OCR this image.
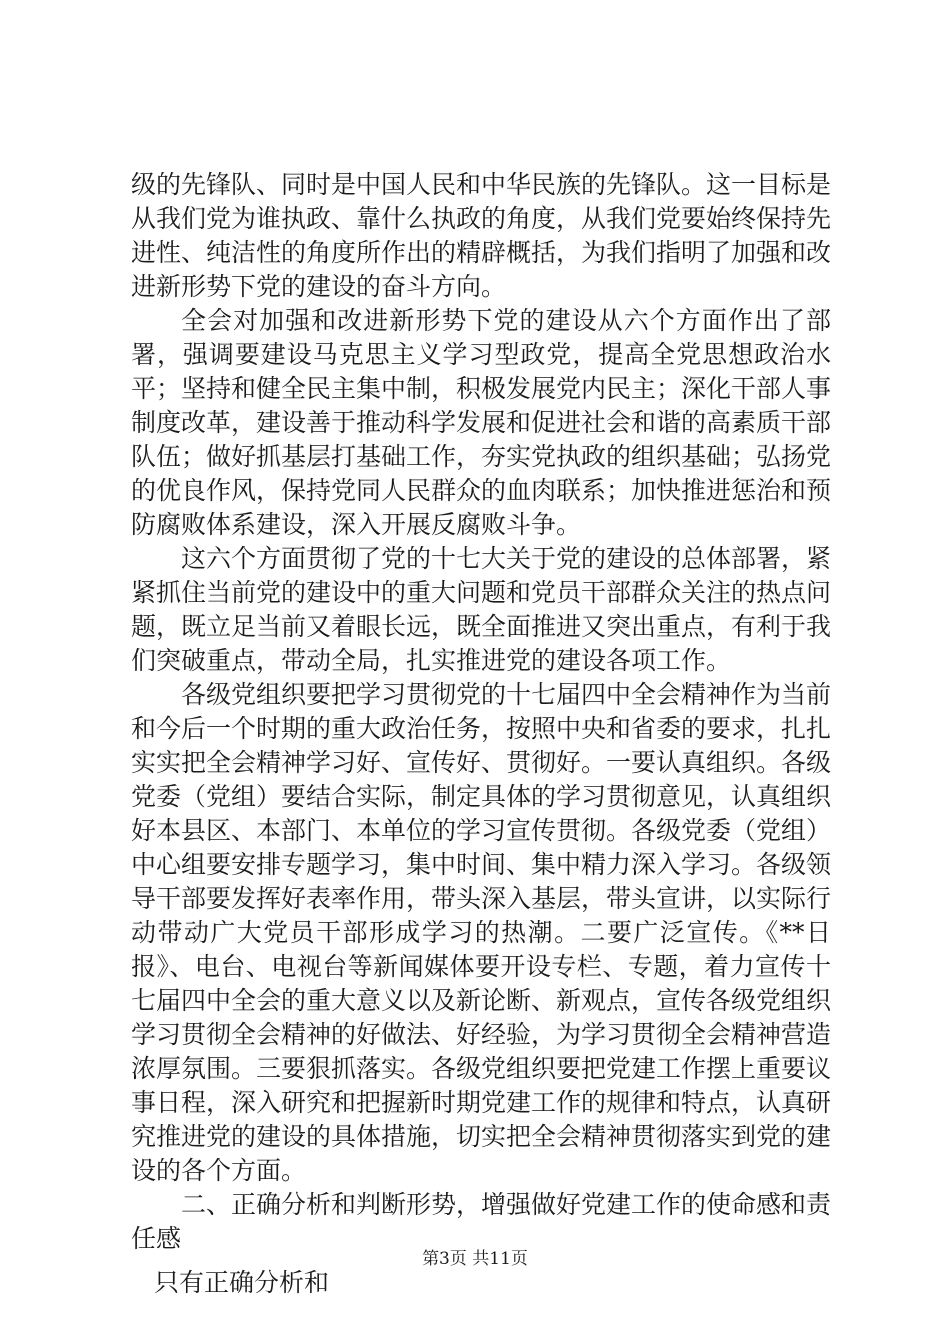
级的先锋队、同时是中国人民和中华民族的先锋队。这一目标是从我们党为谁执政、靠什么执政的角度，从我们党要始终保持先进性、纯洁性的角度所作出的精辟概括，为我们指明了加强和改进新形势下党的建设的奋斗方向。

全会对加强和改进新形势下党的建设从六个方面作出了部署，强调要建设马克思主义学习型政党，提高全党思想政治水平；坚持和健全民主集中制，积极发展党内民主；深化干部人事制度改革，建设善于推动科学发展和促进社会和谐的高素质干部队伍；做好抓基层打基础工作，夯实党执政的组织基础；弘扬党的优良作风，保持党同人民群众的血肉联系；加快推进惩治和预防腐败体系建设，深入开展反腐败斗争。

这六个方面贯彻了党的十七大关于党的建设的总体部署，紧紧抓住当前党的建设中的重大问题和党员干部群众关注的热点问题，既立足当前又着眼长远，既全面推进又突出重点，有利于我们突破重点，带动全局，扎实推进党的建设各项工作。

各级党组织要把学习贯彻党的十七届四中全会精神作为当前和今后一个时期的重大政治任务，按照中央和省委的要求，扎扎实实把全会精神学习好、宣传好、贯彻好。一要认真组织。各级党委（党组）要结合实际，制定具体的学习贯彻意见，认真组织好本县区、本部门、本单位的学习宣传贯彻。各级党委（党组）中心组要安排专题学习，集中时间、集中精力深入学习。各级领导干部要发挥好表率作用，带头深入基层，带头宣讲，以实际行动带动广大党员干部形成学习的热潮。二要广泛宣传。《**日报》、电台、电视台等新闻媒体要开设专栏、专题，着力宣传十七届四中全会的重大意义以及新论断、新观点，宣传各级党组织学习贯彻全会精神的好做法、好经验，为学习贯彻全会精神营造浓厚氛围。三要狠抓落实。各级党组织要把党建工作摆上重要议事日程，深入研究和把握新时期党建工作的规律和特点，认真研究推进党的建设的具体措施，切实把全会精神贯彻落实到党的建设的各个方面。

二、正确分析和判断形势，增强做好党建工作的使命感和责任感

只有正确分析和

第3页 共11页
